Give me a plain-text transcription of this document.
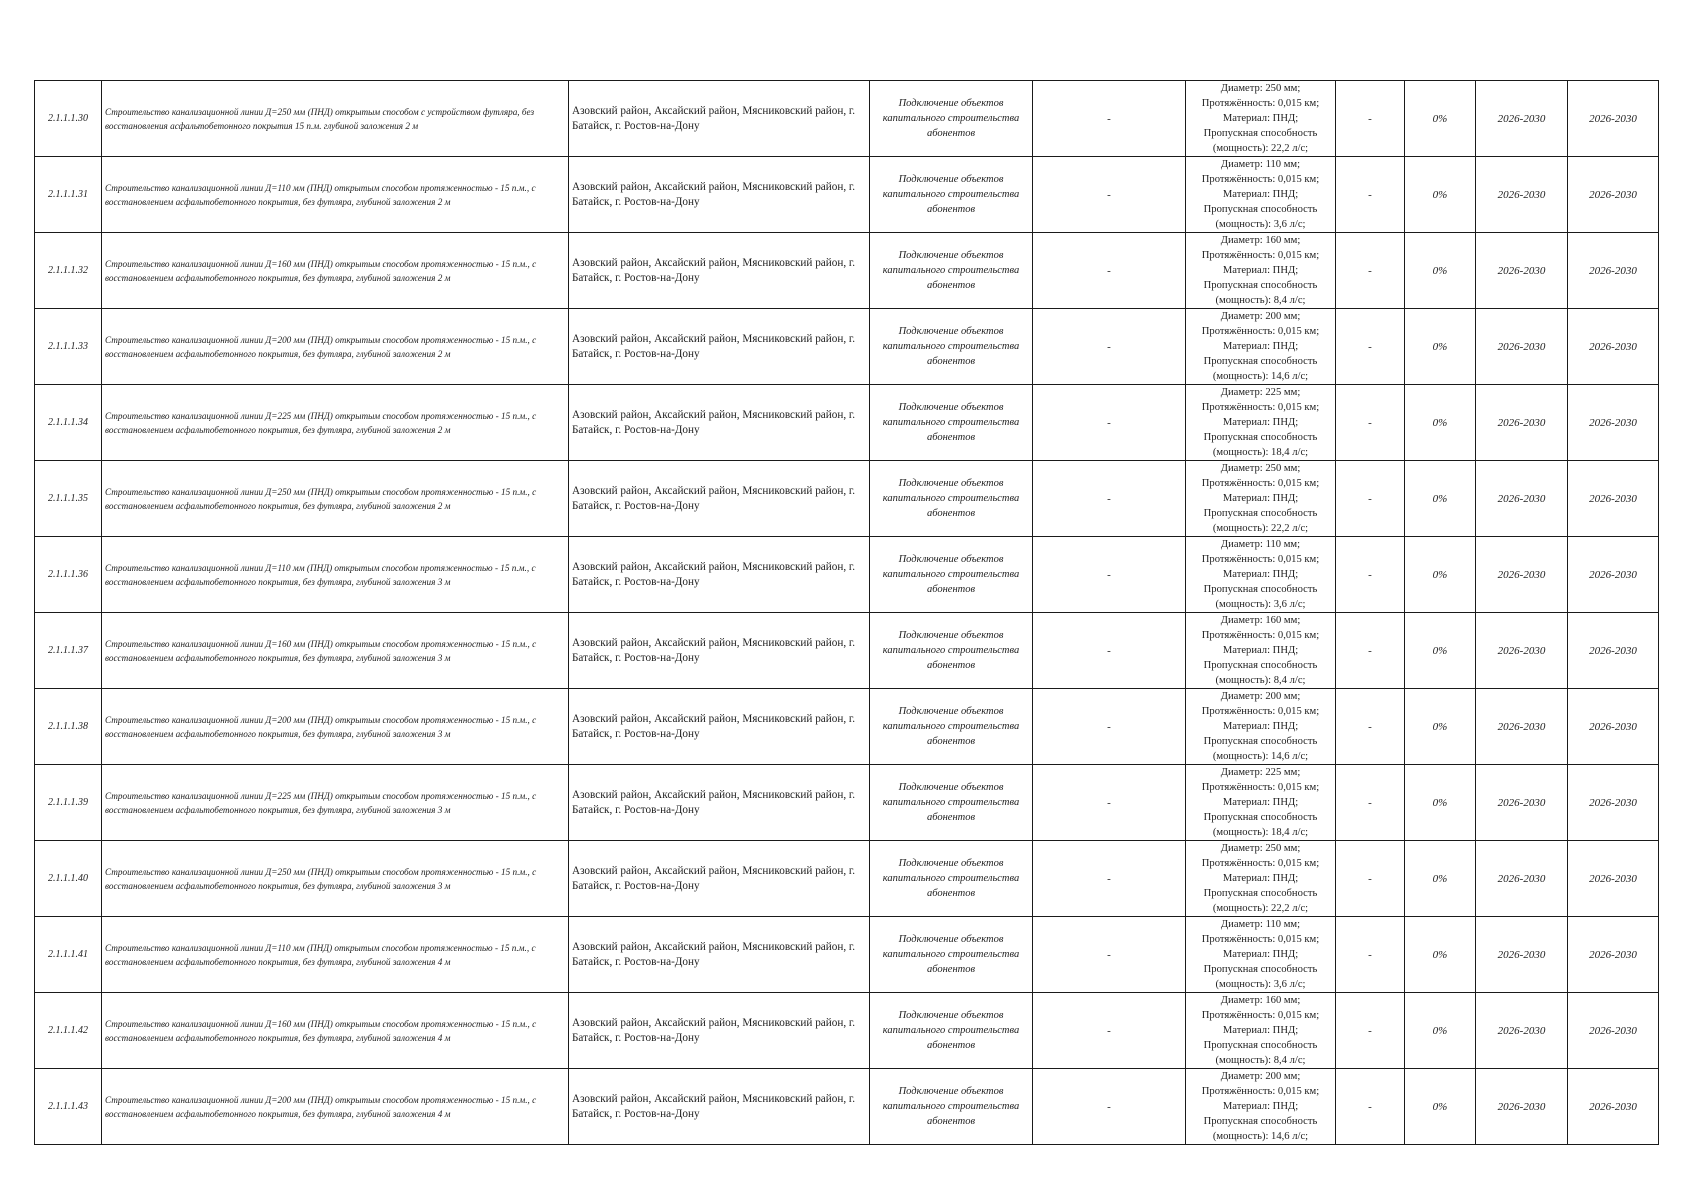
2.1.1.1.30	Строительство канализационной линии Д=250 мм (ПНД) открытым способом с устройством футляра, без восстановления асфальтобетонного покрытия 15 п.м. глубиной заложения 2 м	Азовский район, Аксайский район, Мясниковский район, г. Батайск, г. Ростов-на-Дону	Подключение объектов капитального строительства абонентов	-	Диаметр: 250 мм;
Протяжённость: 0,015 км;
Материал: ПНД;
Пропускная способность
(мощность): 22,2 л/с;	-	0%	2026-2030	2026-2030
2.1.1.1.31	Строительство канализационной линии Д=110 мм (ПНД) открытым способом протяженностью - 15 п.м., с восстановлением асфальтобетонного покрытия, без футляра, глубиной заложения 2 м	Азовский район, Аксайский район, Мясниковский район, г. Батайск, г. Ростов-на-Дону	Подключение объектов капитального строительства абонентов	-	Диаметр: 110 мм;
Протяжённость: 0,015 км;
Материал: ПНД;
Пропускная способность
(мощность): 3,6 л/с;	-	0%	2026-2030	2026-2030
2.1.1.1.32	Строительство канализационной линии Д=160 мм (ПНД) открытым способом протяженностью - 15 п.м., с восстановлением асфальтобетонного покрытия, без футляра, глубиной заложения 2 м	Азовский район, Аксайский район, Мясниковский район, г. Батайск, г. Ростов-на-Дону	Подключение объектов капитального строительства абонентов	-	Диаметр: 160 мм;
Протяжённость: 0,015 км;
Материал: ПНД;
Пропускная способность
(мощность): 8,4 л/с;	-	0%	2026-2030	2026-2030
2.1.1.1.33	Строительство канализационной линии Д=200 мм (ПНД) открытым способом протяженностью - 15 п.м., с восстановлением асфальтобетонного покрытия, без футляра, глубиной заложения 2 м	Азовский район, Аксайский район, Мясниковский район, г. Батайск, г. Ростов-на-Дону	Подключение объектов капитального строительства абонентов	-	Диаметр: 200 мм;
Протяжённость: 0,015 км;
Материал: ПНД;
Пропускная способность
(мощность): 14,6 л/с;	-	0%	2026-2030	2026-2030
2.1.1.1.34	Строительство канализационной линии Д=225 мм (ПНД) открытым способом протяженностью - 15 п.м., с восстановлением асфальтобетонного покрытия, без футляра, глубиной заложения 2 м	Азовский район, Аксайский район, Мясниковский район, г. Батайск, г. Ростов-на-Дону	Подключение объектов капитального строительства абонентов	-	Диаметр: 225 мм;
Протяжённость: 0,015 км;
Материал: ПНД;
Пропускная способность
(мощность): 18,4 л/с;	-	0%	2026-2030	2026-2030
2.1.1.1.35	Строительство канализационной линии Д=250 мм (ПНД) открытым способом протяженностью - 15 п.м., с восстановлением асфальтобетонного покрытия, без футляра, глубиной заложения 2 м	Азовский район, Аксайский район, Мясниковский район, г. Батайск, г. Ростов-на-Дону	Подключение объектов капитального строительства абонентов	-	Диаметр: 250 мм;
Протяжённость: 0,015 км;
Материал: ПНД;
Пропускная способность
(мощность): 22,2 л/с;	-	0%	2026-2030	2026-2030
2.1.1.1.36	Строительство канализационной линии Д=110 мм (ПНД) открытым способом протяженностью - 15 п.м., с восстановлением асфальтобетонного покрытия, без футляра, глубиной заложения 3 м	Азовский район, Аксайский район, Мясниковский район, г. Батайск, г. Ростов-на-Дону	Подключение объектов капитального строительства абонентов	-	Диаметр: 110 мм;
Протяжённость: 0,015 км;
Материал: ПНД;
Пропускная способность
(мощность): 3,6 л/с;	-	0%	2026-2030	2026-2030
2.1.1.1.37	Строительство канализационной линии Д=160 мм (ПНД) открытым способом протяженностью - 15 п.м., с восстановлением асфальтобетонного покрытия, без футляра, глубиной заложения 3 м	Азовский район, Аксайский район, Мясниковский район, г. Батайск, г. Ростов-на-Дону	Подключение объектов капитального строительства абонентов	-	Диаметр: 160 мм;
Протяжённость: 0,015 км;
Материал: ПНД;
Пропускная способность
(мощность): 8,4 л/с;	-	0%	2026-2030	2026-2030
2.1.1.1.38	Строительство канализационной линии Д=200 мм (ПНД) открытым способом протяженностью - 15 п.м., с восстановлением асфальтобетонного покрытия, без футляра, глубиной заложения 3 м	Азовский район, Аксайский район, Мясниковский район, г. Батайск, г. Ростов-на-Дону	Подключение объектов капитального строительства абонентов	-	Диаметр: 200 мм;
Протяжённость: 0,015 км;
Материал: ПНД;
Пропускная способность
(мощность): 14,6 л/с;	-	0%	2026-2030	2026-2030
2.1.1.1.39	Строительство канализационной линии Д=225 мм (ПНД) открытым способом протяженностью - 15 п.м., с восстановлением асфальтобетонного покрытия, без футляра, глубиной заложения 3 м	Азовский район, Аксайский район, Мясниковский район, г. Батайск, г. Ростов-на-Дону	Подключение объектов капитального строительства абонентов	-	Диаметр: 225 мм;
Протяжённость: 0,015 км;
Материал: ПНД;
Пропускная способность
(мощность): 18,4 л/с;	-	0%	2026-2030	2026-2030
2.1.1.1.40	Строительство канализационной линии Д=250 мм (ПНД) открытым способом протяженностью - 15 п.м., с восстановлением асфальтобетонного покрытия, без футляра, глубиной заложения 3 м	Азовский район, Аксайский район, Мясниковский район, г. Батайск, г. Ростов-на-Дону	Подключение объектов капитального строительства абонентов	-	Диаметр: 250 мм;
Протяжённость: 0,015 км;
Материал: ПНД;
Пропускная способность
(мощность): 22,2 л/с;	-	0%	2026-2030	2026-2030
2.1.1.1.41	Строительство канализационной линии Д=110 мм (ПНД) открытым способом протяженностью - 15 п.м., с восстановлением асфальтобетонного покрытия, без футляра, глубиной заложения 4 м	Азовский район, Аксайский район, Мясниковский район, г. Батайск, г. Ростов-на-Дону	Подключение объектов капитального строительства абонентов	-	Диаметр: 110 мм;
Протяжённость: 0,015 км;
Материал: ПНД;
Пропускная способность
(мощность): 3,6 л/с;	-	0%	2026-2030	2026-2030
2.1.1.1.42	Строительство канализационной линии Д=160 мм (ПНД) открытым способом протяженностью - 15 п.м., с восстановлением асфальтобетонного покрытия, без футляра, глубиной заложения 4 м	Азовский район, Аксайский район, Мясниковский район, г. Батайск, г. Ростов-на-Дону	Подключение объектов капитального строительства абонентов	-	Диаметр: 160 мм;
Протяжённость: 0,015 км;
Материал: ПНД;
Пропускная способность
(мощность): 8,4 л/с;	-	0%	2026-2030	2026-2030
2.1.1.1.43	Строительство канализационной линии Д=200 мм (ПНД) открытым способом протяженностью - 15 п.м., с восстановлением асфальтобетонного покрытия, без футляра, глубиной заложения 4 м	Азовский район, Аксайский район, Мясниковский район, г. Батайск, г. Ростов-на-Дону	Подключение объектов капитального строительства абонентов	-	Диаметр: 200 мм;
Протяжённость: 0,015 км;
Материал: ПНД;
Пропускная способность
(мощность): 14,6 л/с;	-	0%	2026-2030	2026-2030
